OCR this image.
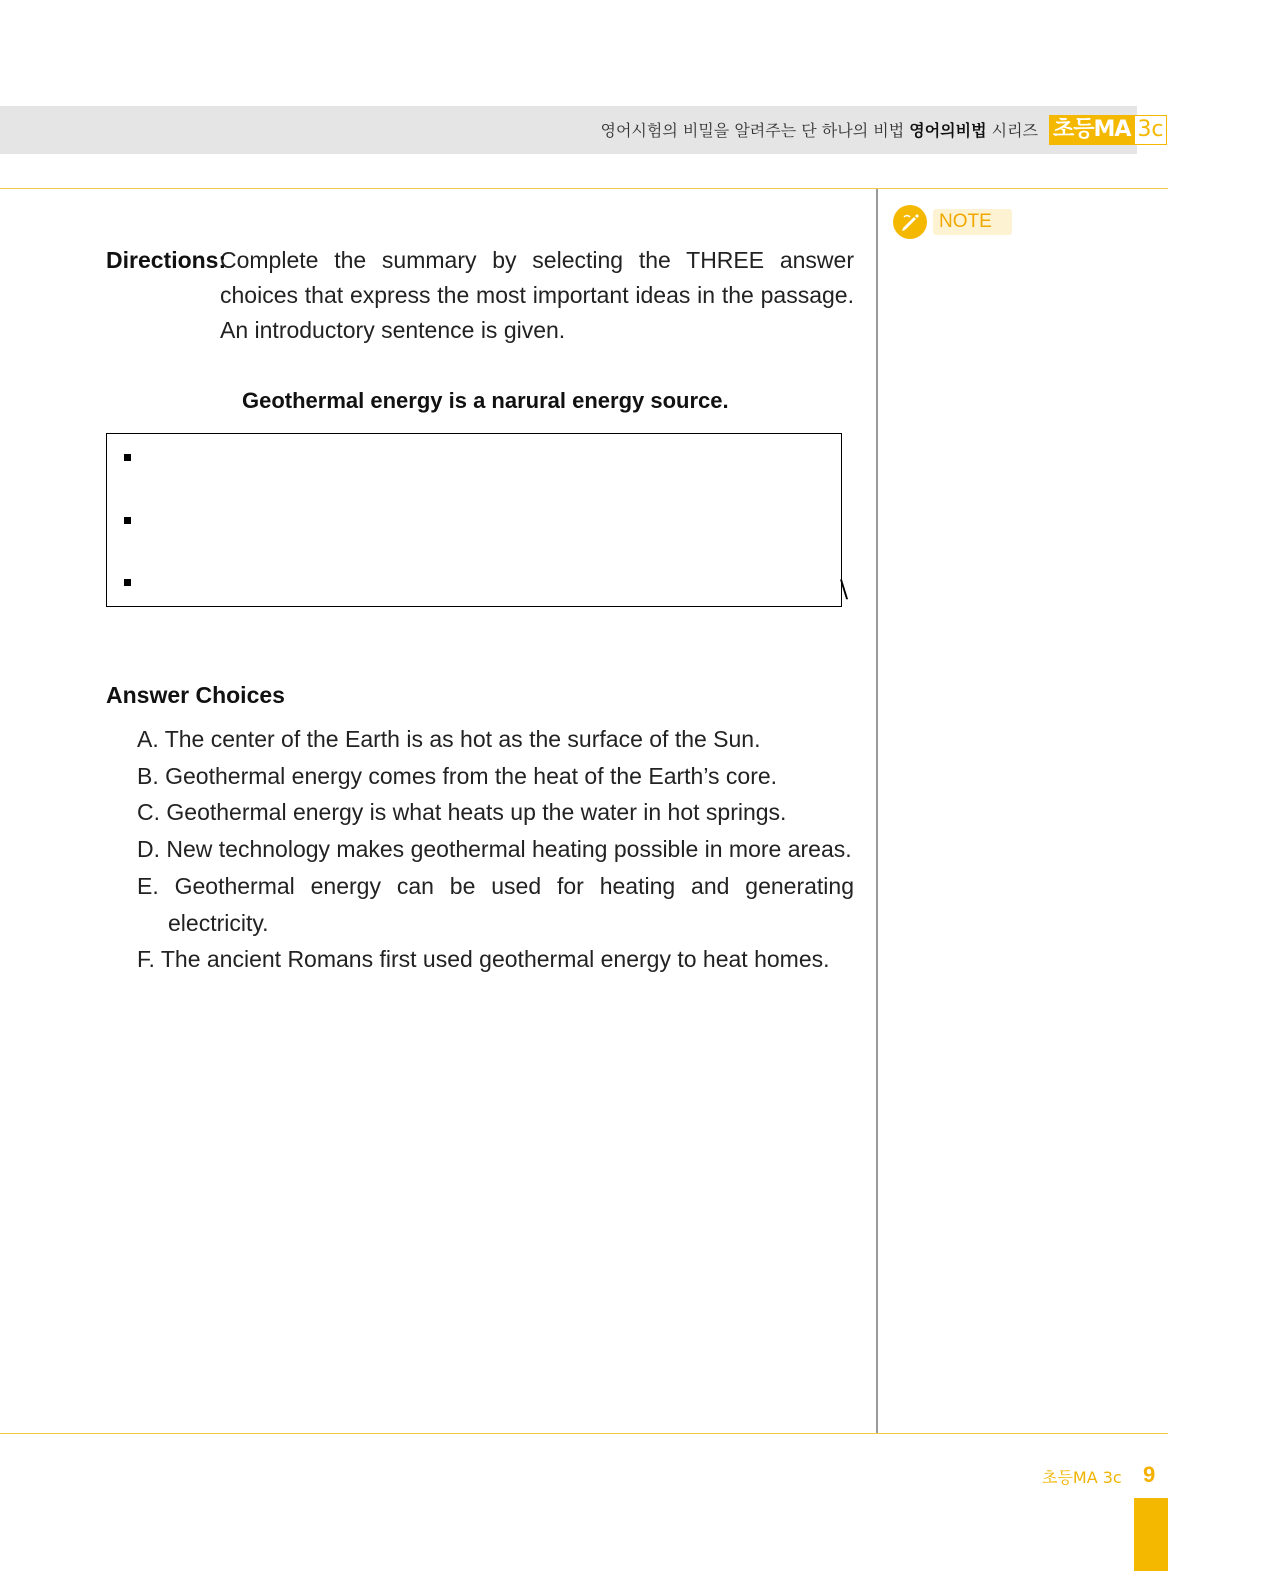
영어시험의 비밀을 알려주는 단 하나의 비법 영어의비법 시리즈 초등MA 3c
NOTE
Directions:
Complete the summary by selecting the THREE answer choices that express the most important ideas in the passage. An introductory sentence is given.
Geothermal energy is a narural energy source.
\
Answer Choices
A. The center of the Earth is as hot as the surface of the Sun.
B. Geothermal energy comes from the heat of the Earth’s core.
C. Geothermal energy is what heats up the water in hot springs.
D. New technology makes geothermal heating possible in more areas.
E. Geothermal energy can be used for heating and generating
electricity.
F. The ancient Romans first used geothermal energy to heat homes.
초등MA 3c 9
